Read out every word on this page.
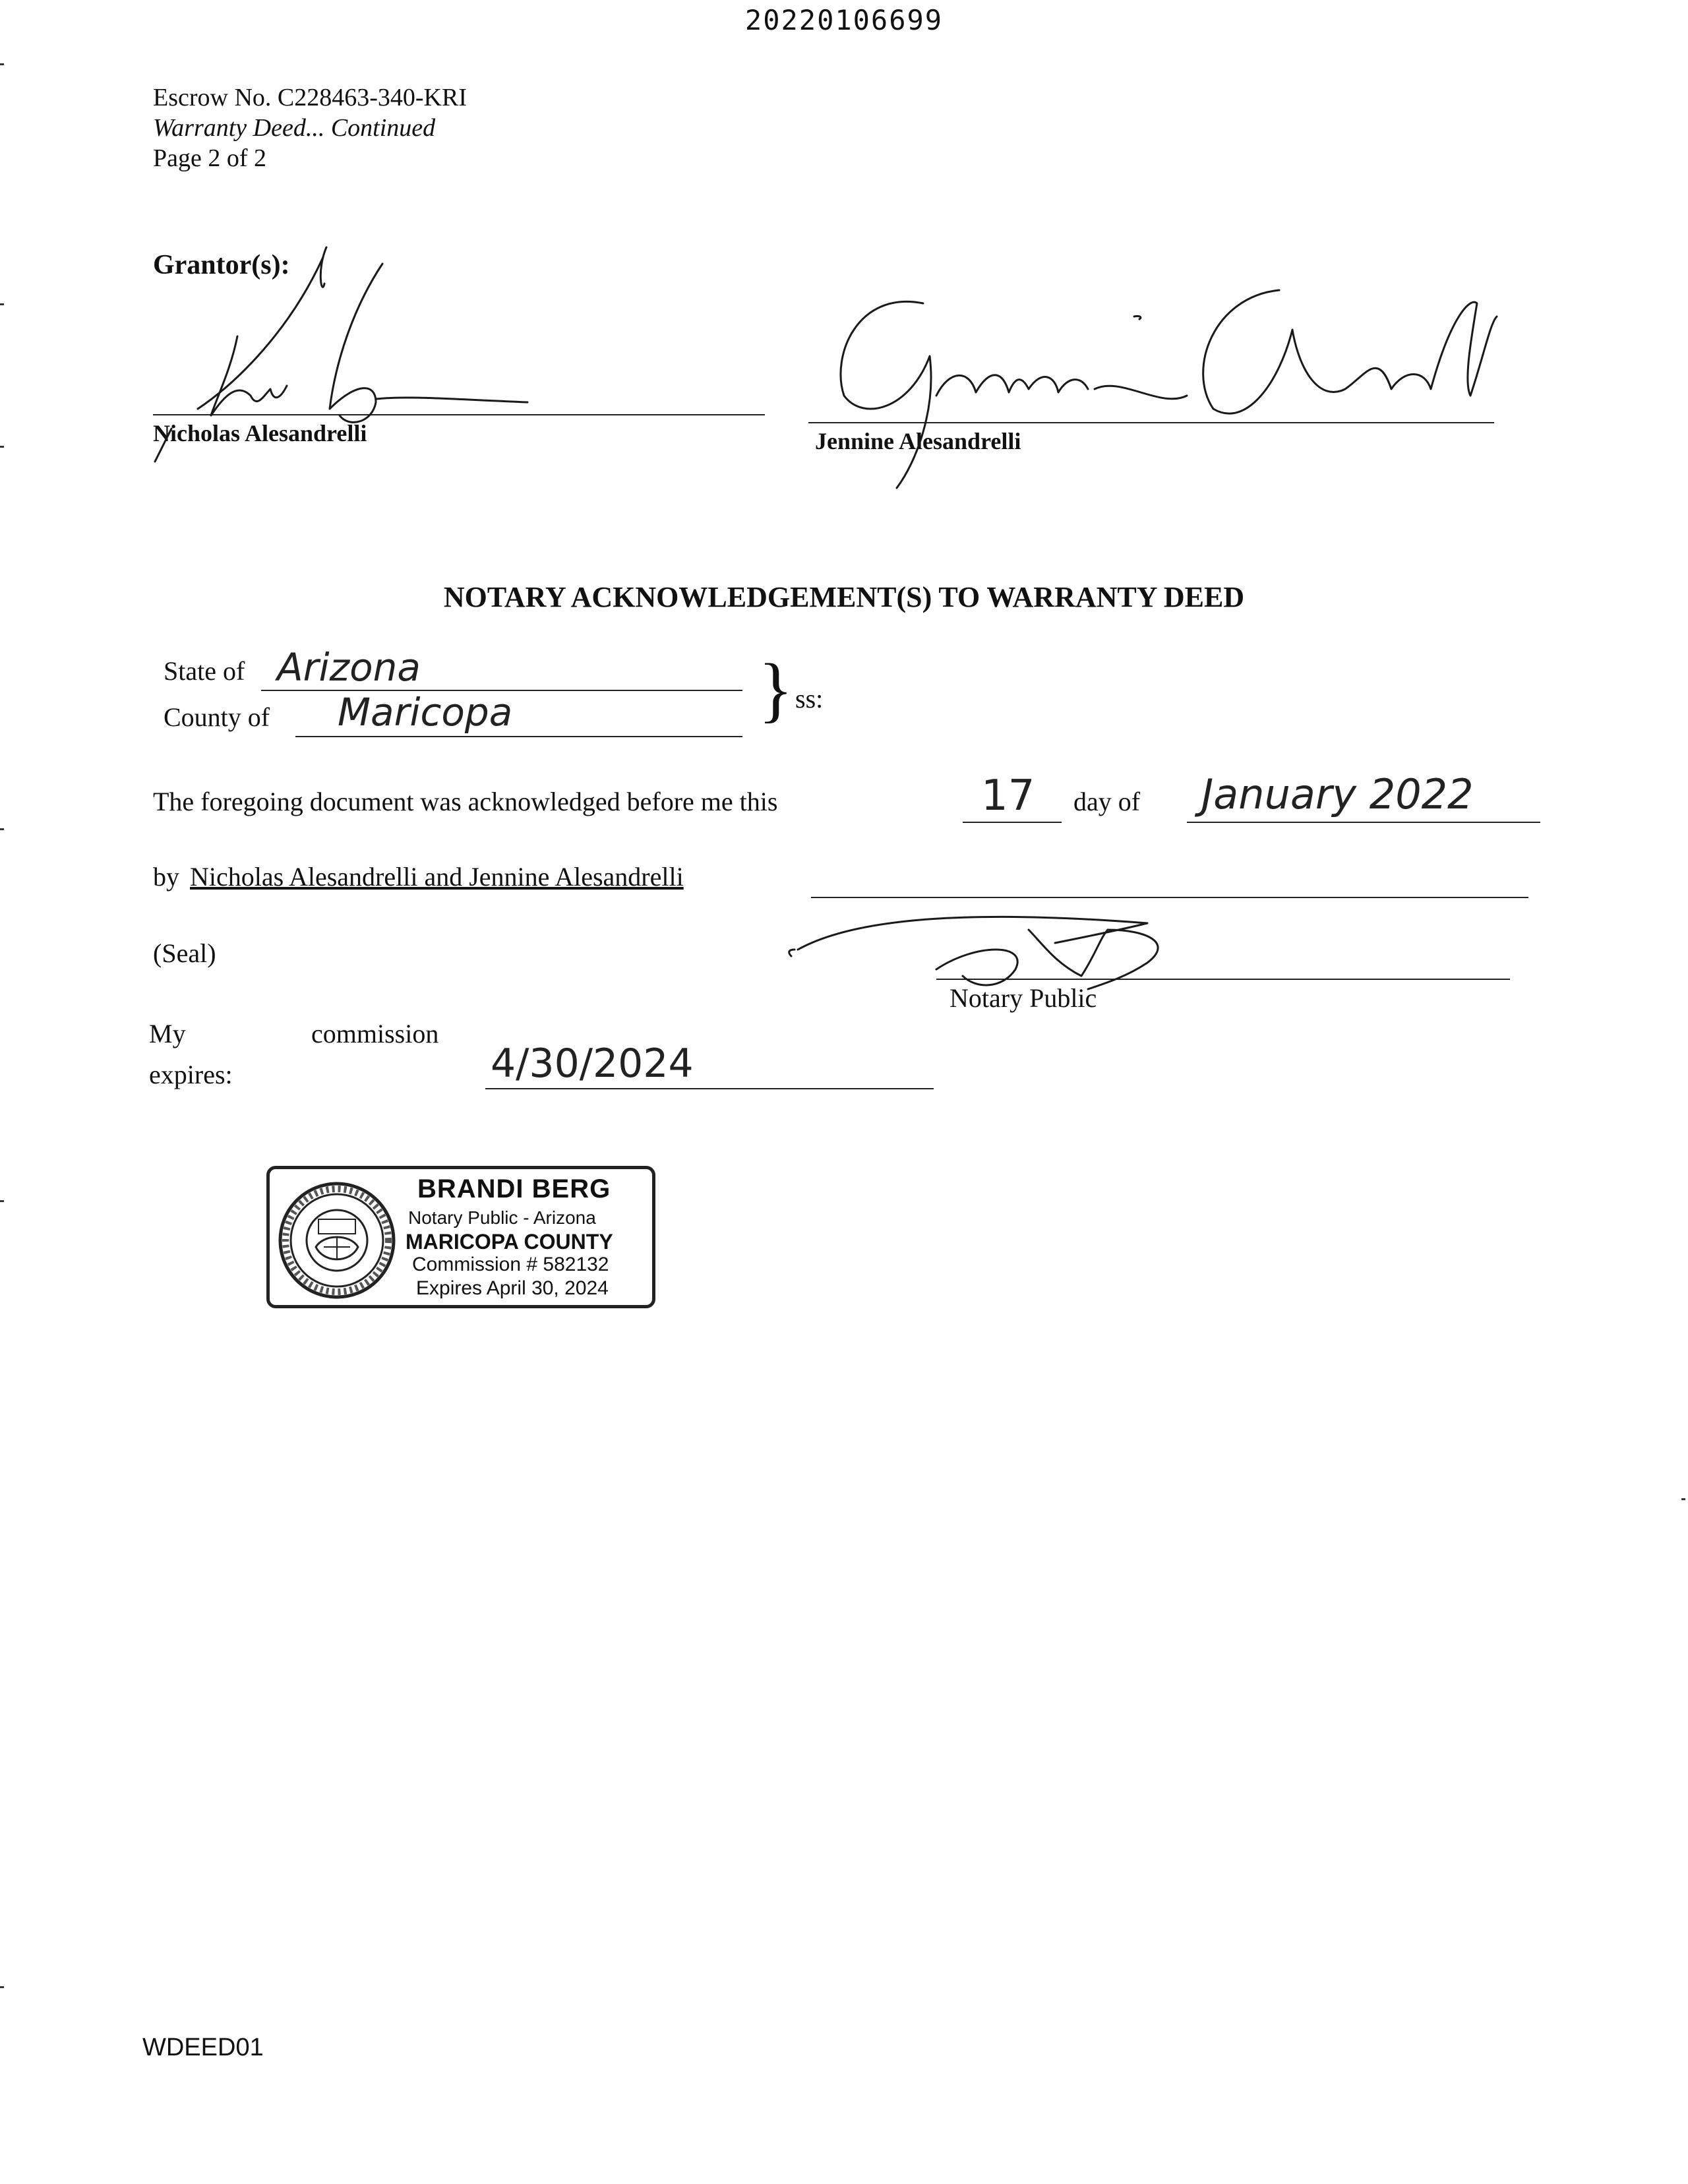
20220106699
Escrow No. C228463-340-KRI
Warranty Deed... Continued
Page 2 of 2
Grantor(s):
Nicholas Alesandrelli	Jennine Alesandrelli
NOTARY ACKNOWLEDGEMENT(S) TO WARRANTY DEED
State of Arizona
County of Maricopa	} ss:
The foregoing document was acknowledged before me this	17 day of January 2022
by Nicholas Alesandrelli and Jennine Alesandrelli
(Seal)
Notary Public
My	commission
expires:	4/30/2024
BRANDI BERG
Notary Public - Arizona
MARICOPA COUNTY
Commission # 582132
Expires April 30, 2024
WDEED01
